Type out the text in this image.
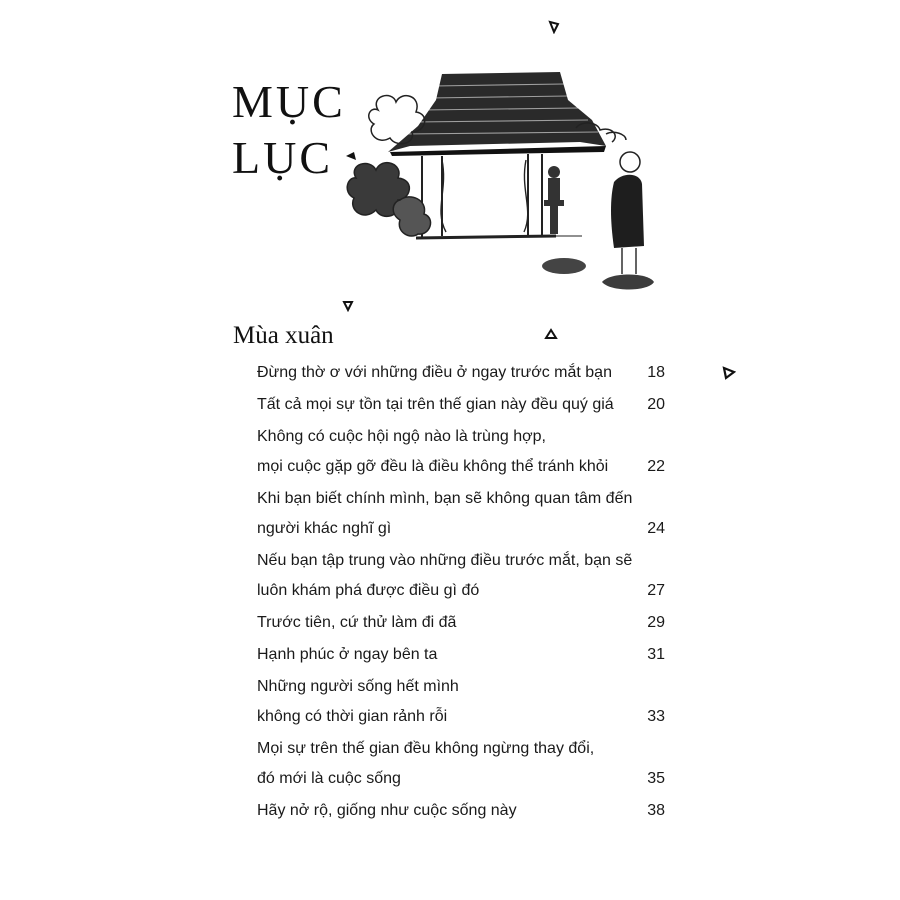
MỤC
LỤC
Mùa xuân
Đừng thờ ơ với những điều ở ngay trước mắt bạn	18
Tất cả mọi sự tồn tại trên thế gian này đều quý giá	20
Không có cuộc hội ngộ nào là trùng hợp,
mọi cuộc gặp gỡ đều là điều không thể tránh khỏi	22
Khi bạn biết chính mình, bạn sẽ không quan tâm đến
người khác nghĩ gì	24
Nếu bạn tập trung vào những điều trước mắt, bạn sẽ
luôn khám phá được điều gì đó	27
Trước tiên, cứ thử làm đi đã	29
Hạnh phúc ở ngay bên ta	31
Những người sống hết mình
không có thời gian rảnh rỗi	33
Mọi sự trên thế gian đều không ngừng thay đổi,
đó mới là cuộc sống	35
Hãy nở rộ, giống như cuộc sống này	38
